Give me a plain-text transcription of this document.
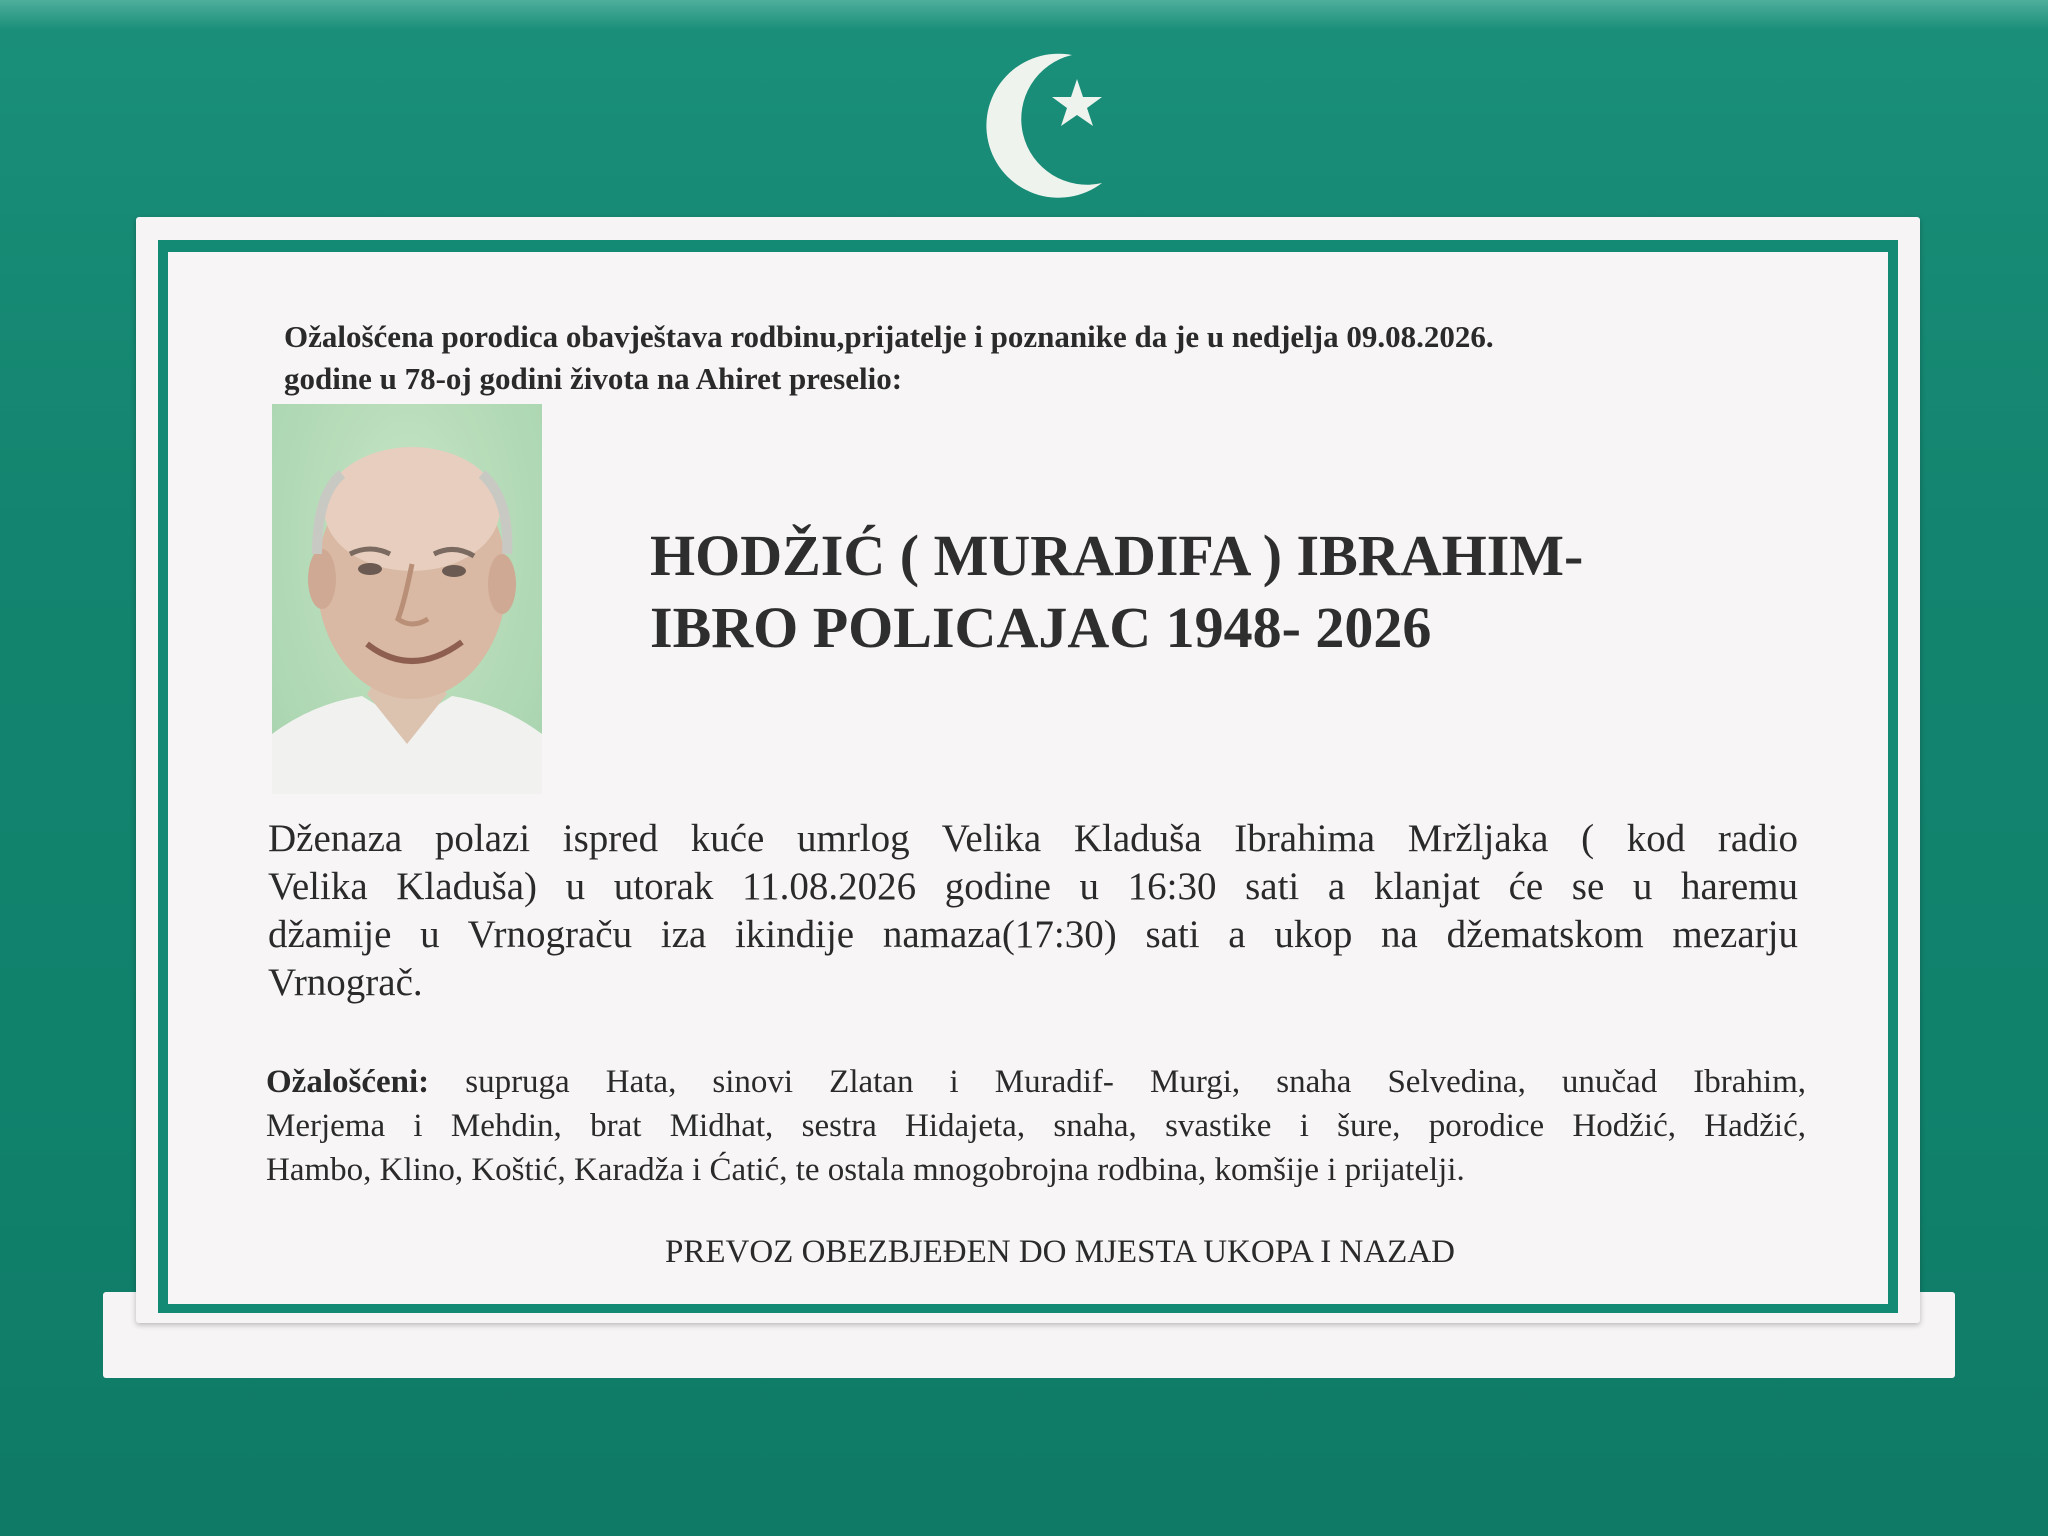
Ožalošćena porodica obavještava rodbinu,prijatelje i poznanike da je u nedjelja 09.08.2026.
godine u 78-oj godini života na Ahiret preselio:
HODŽIĆ ( MURADIFA ) IBRAHIM-
IBRO POLICAJAC 1948- 2026
Dženaza polazi ispred kuće umrlog Velika Kladuša Ibrahima Mržljaka ( kod radio
Velika Kladuša) u utorak 11.08.2026 godine u 16:30 sati a klanjat će se u haremu
džamije u Vrnograču iza ikindije namaza(17:30) sati a ukop na džematskom mezarju
Vrnograč.
Ožalošćeni: supruga Hata, sinovi Zlatan i Muradif- Murgi, snaha Selvedina, unučad Ibrahim,
Merjema i Mehdin, brat Midhat, sestra Hidajeta, snaha, svastike i šure, porodice Hodžić, Hadžić,
Hambo, Klino, Koštić, Karadža i Ćatić, te ostala mnogobrojna rodbina, komšije i prijatelji.
PREVOZ OBEZBJEĐEN DO MJESTA UKOPA I NAZAD
